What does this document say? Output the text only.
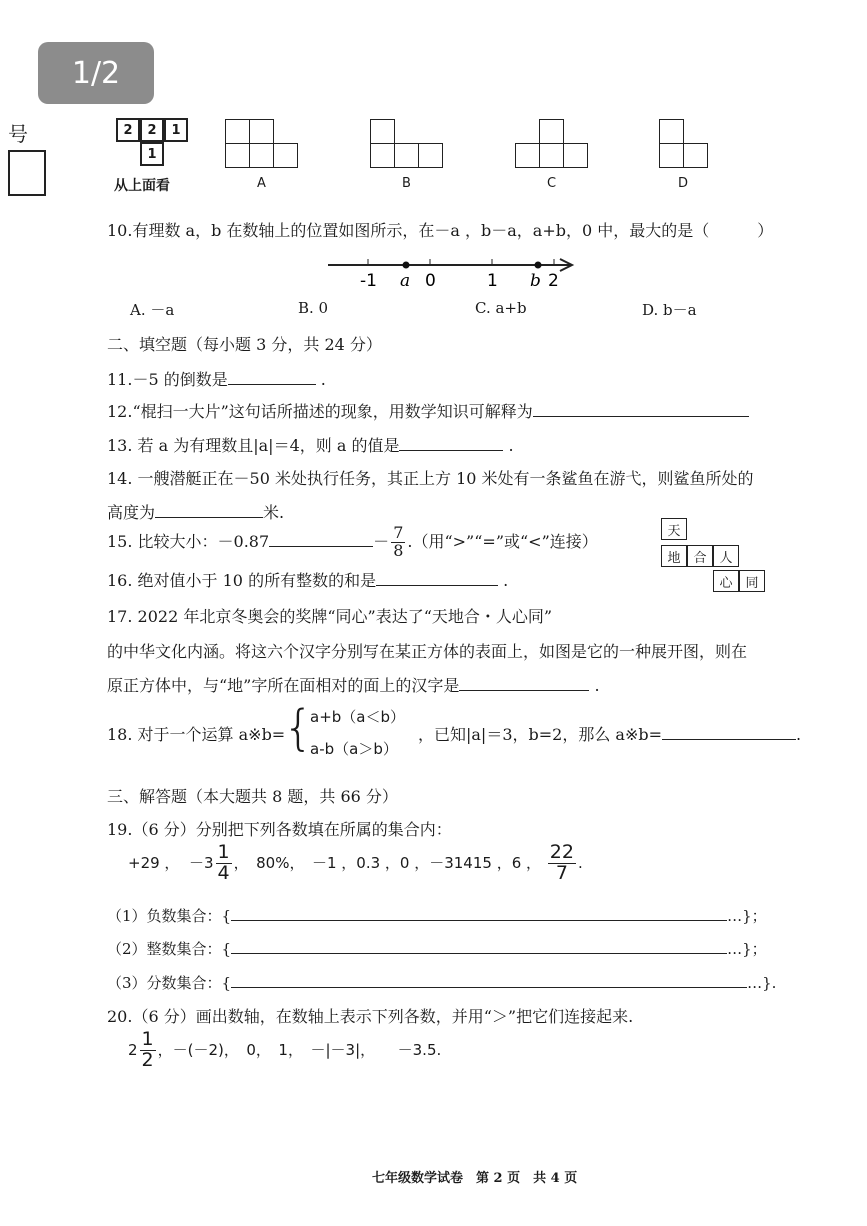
1/2
号	2	2	1
1
从上面看	A	B	C	D
10.有理数 a，b 在数轴上的位置如图所示，在－a ，b－a，a+b，0 中，最大的是（　　　）
-1 a 0	1 b 2
A. －a	B. 0	C. a+b	D. b－a
二、填空题（每小题 3 分，共 24 分）
11.－5 的倒数是	.
12.“棍扫一大片”这句话所描述的现象，用数学知识可解释为
13. 若 a 为有理数且|a|＝4，则 a 的值是	.
14. 一艘潜艇正在－50 米处执行任务，其正上方 10 米处有一条鲨鱼在游弋，则鲨鱼所处的
高度为	米.
15. 比较大小：－0.87	－ $\frac{7}{8}$ .（用“>”“=”或“<”连接）
16. 绝对值小于 10 的所有整数的和是	.
天
地 合 人
心 同
17. 2022 年北京冬奥会的奖牌“同心”表达了“天地合・人心同”
的中华文化内涵。将这六个汉字分别写在某正方体的表面上，如图是它的一种展开图，则在
原正方体中，与“地”字所在面相对的面上的汉字是	.
18. 对于一个运算 a※b=
{
a+b（a＜b）
a-b（a＞b）
，已知|a|＝3，b=2，那么 a※b=	.
三、解答题（本大题共 8 题，共 66 分）
19.（6 分）分别把下列各数填在所属的集合内：
+29 ， $-3 \frac{1}{4}$ ，　80%，　－1 ，0.3 ，0 ，－31415 ，6 ， $\frac{22}{7}$ .
（1）负数集合：{	…}；
（2）整数集合：{	…}；
（3）分数集合：{	…}.
20.（6 分）画出数轴，在数轴上表示下列各数，并用“＞”把它们连接起来.
$2 \frac{1}{2}$ ，－(－2)，　0，　1，　－|－3|，　　－3.5.
七年级数学试卷　第 2 页　共 4 页
